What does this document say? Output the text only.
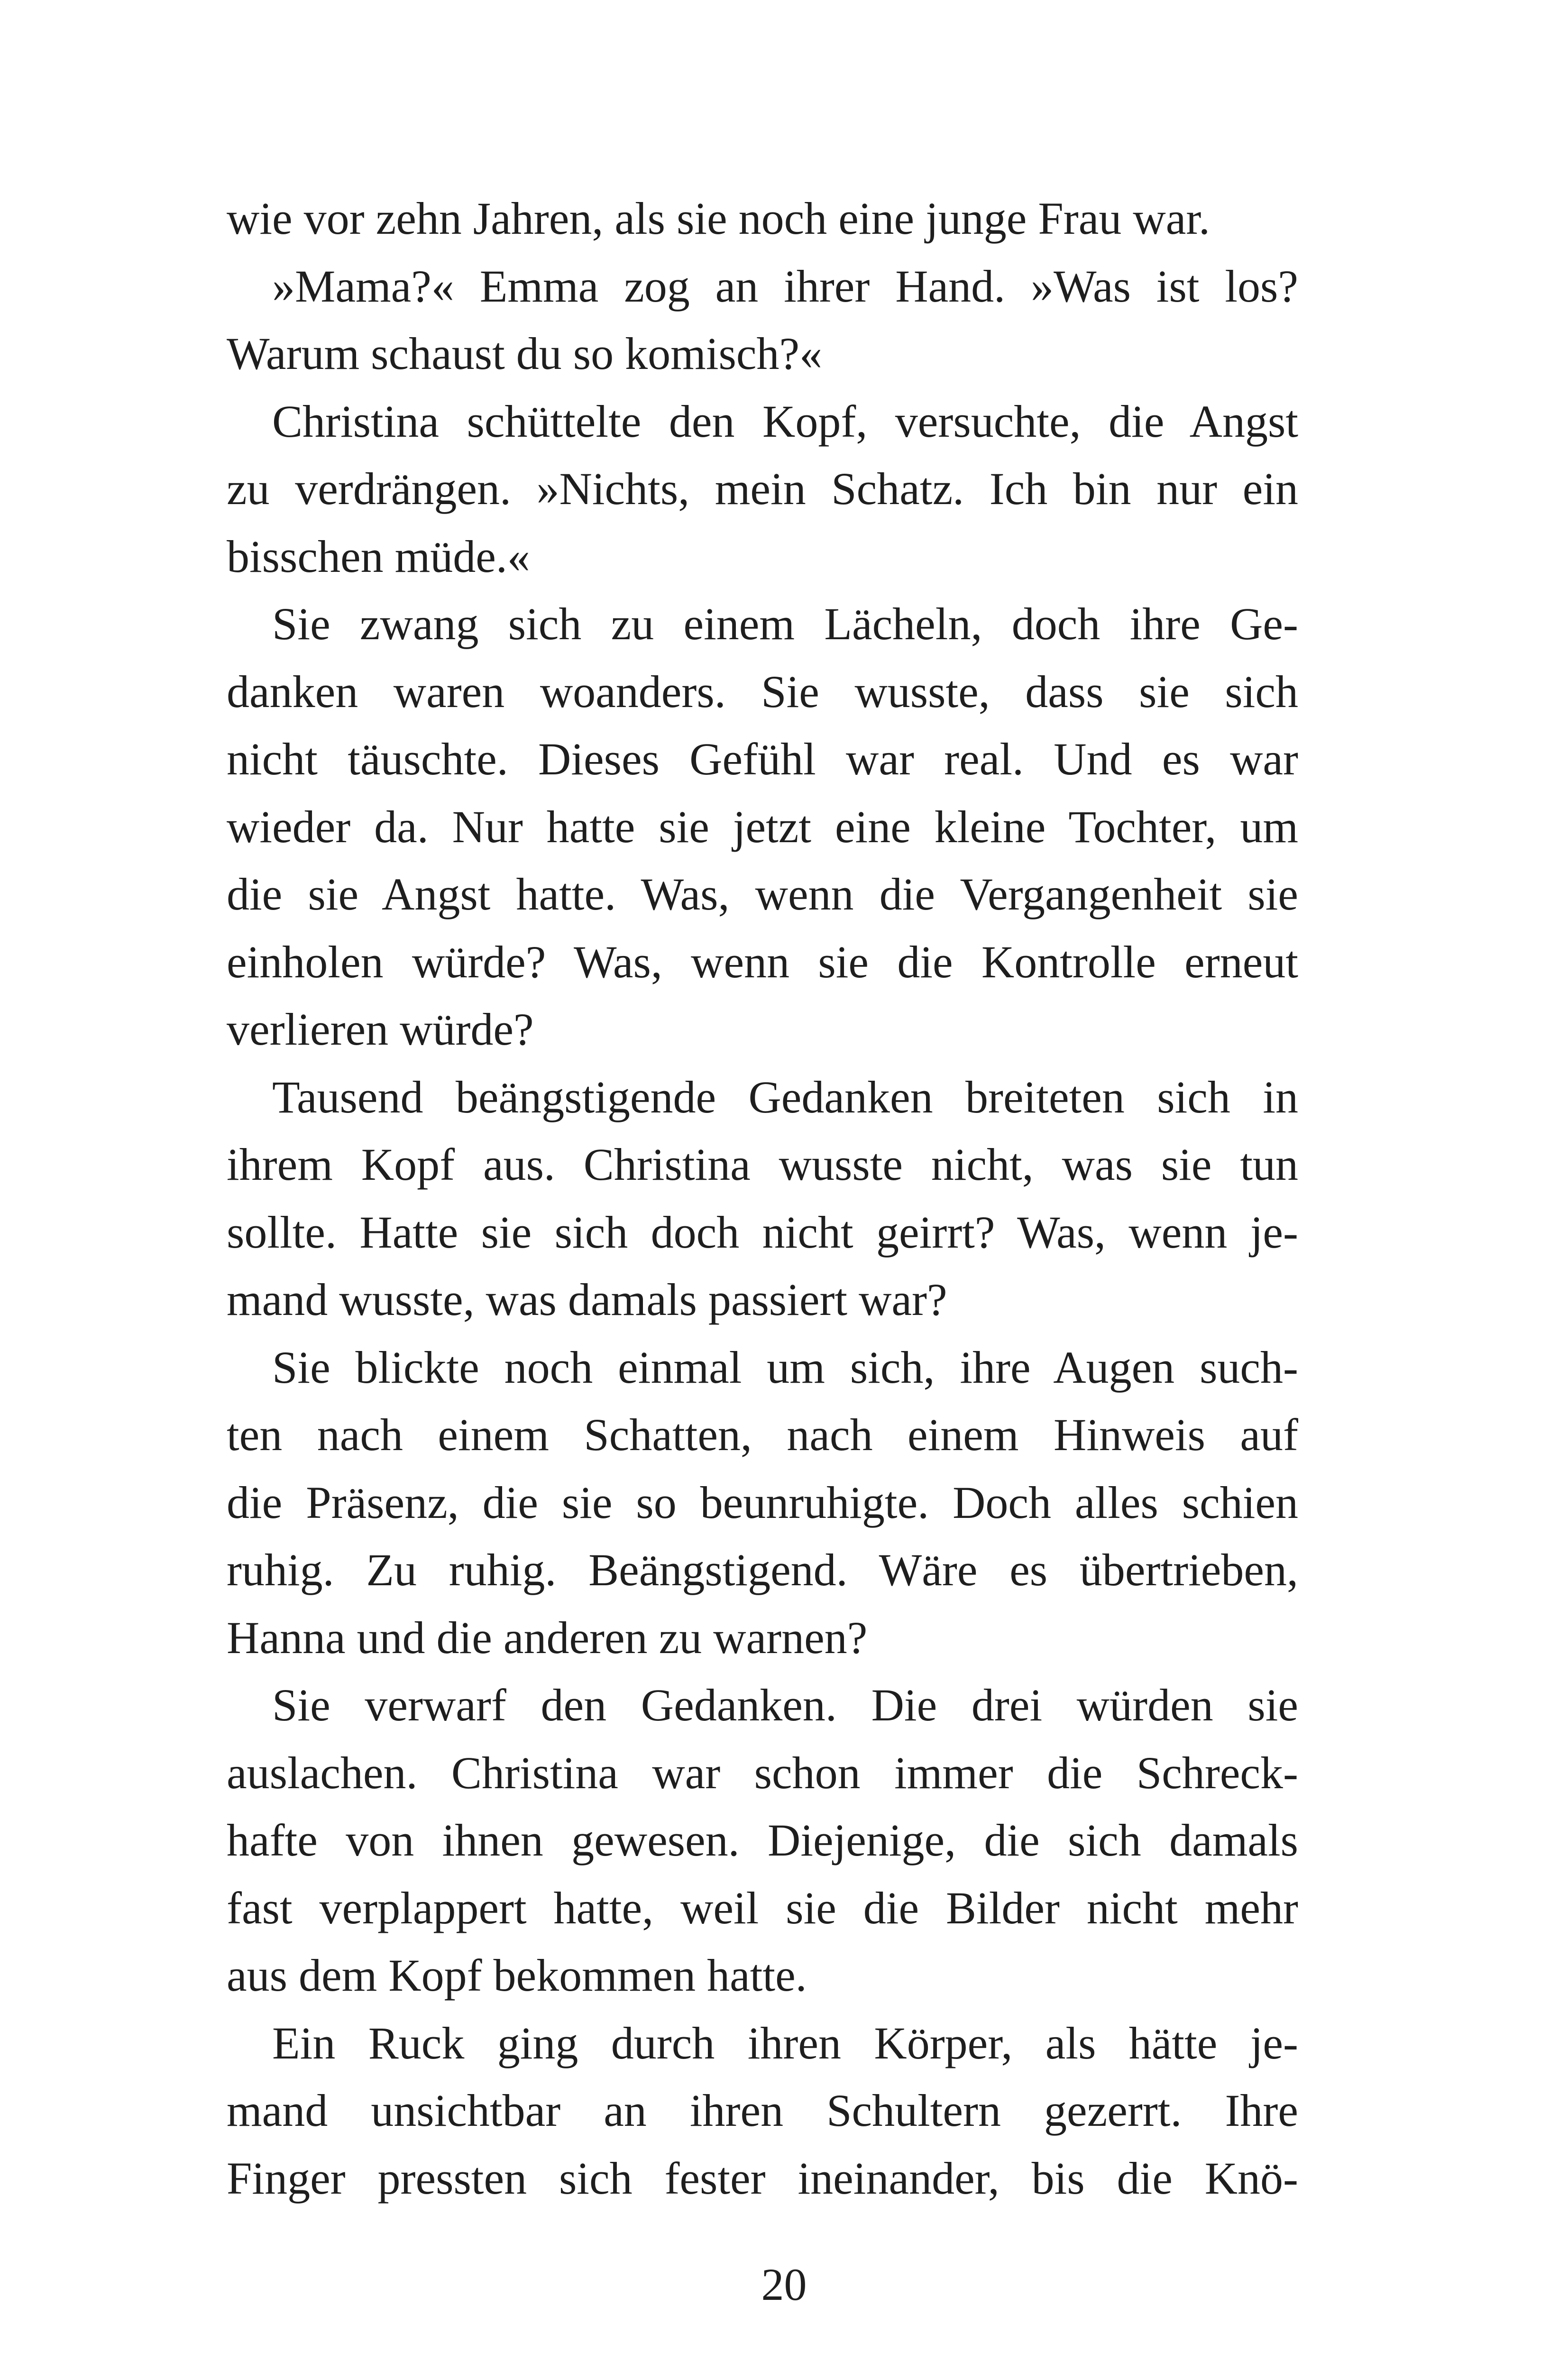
wie vor zehn Jahren, als sie noch eine junge Frau war.
»Mama?« Emma zog an ihrer Hand. »Was ist los?
Warum schaust du so komisch?«
Christina schüttelte den Kopf, versuchte, die Angst
zu verdrängen. »Nichts, mein Schatz. Ich bin nur ein
bisschen müde.«
Sie zwang sich zu einem Lächeln, doch ihre Ge-
danken waren woanders. Sie wusste, dass sie sich
nicht täuschte. Dieses Gefühl war real. Und es war
wieder da. Nur hatte sie jetzt eine kleine Tochter, um
die sie Angst hatte. Was, wenn die Vergangenheit sie
einholen würde? Was, wenn sie die Kontrolle erneut
verlieren würde?
Tausend beängstigende Gedanken breiteten sich in
ihrem Kopf aus. Christina wusste nicht, was sie tun
sollte. Hatte sie sich doch nicht geirrt? Was, wenn je-
mand wusste, was damals passiert war?
Sie blickte noch einmal um sich, ihre Augen such-
ten nach einem Schatten, nach einem Hinweis auf
die Präsenz, die sie so beunruhigte. Doch alles schien
ruhig. Zu ruhig. Beängstigend. Wäre es übertrieben,
Hanna und die anderen zu warnen?
Sie verwarf den Gedanken. Die drei würden sie
auslachen. Christina war schon immer die Schreck-
hafte von ihnen gewesen. Diejenige, die sich damals
fast verplappert hatte, weil sie die Bilder nicht mehr
aus dem Kopf bekommen hatte.
Ein Ruck ging durch ihren Körper, als hätte je-
mand unsichtbar an ihren Schultern gezerrt. Ihre
Finger pressten sich fester ineinander, bis die Knö-
20
